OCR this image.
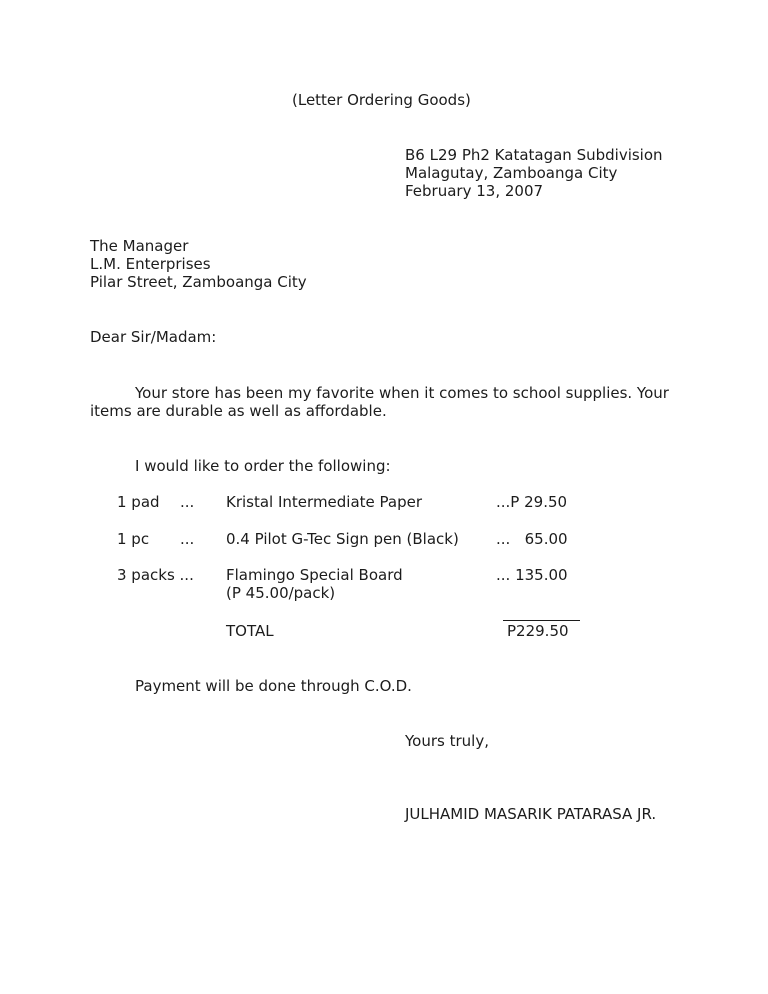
(Letter Ordering Goods)
B6 L29 Ph2 Katatagan Subdivision
Malagutay, Zamboanga City
February 13, 2007
The Manager
L.M. Enterprises
Pilar Street, Zamboanga City
Dear Sir/Madam:
Your store has been my favorite when it comes to school supplies. Your
items are durable as well as affordable.
I would like to order the following:
1 pad ... Kristal Intermediate Paper	...P 29.50
1 pc ... 0.4 Pilot G-Tec Sign pen (Black) ...   65.00
3 packs ... Flamingo Special Board
(P 45.00/pack)
... 135.00
TOTAL	P229.50
Payment will be done through C.O.D.
Yours truly,
JULHAMID MASARIK PATARASA JR.
